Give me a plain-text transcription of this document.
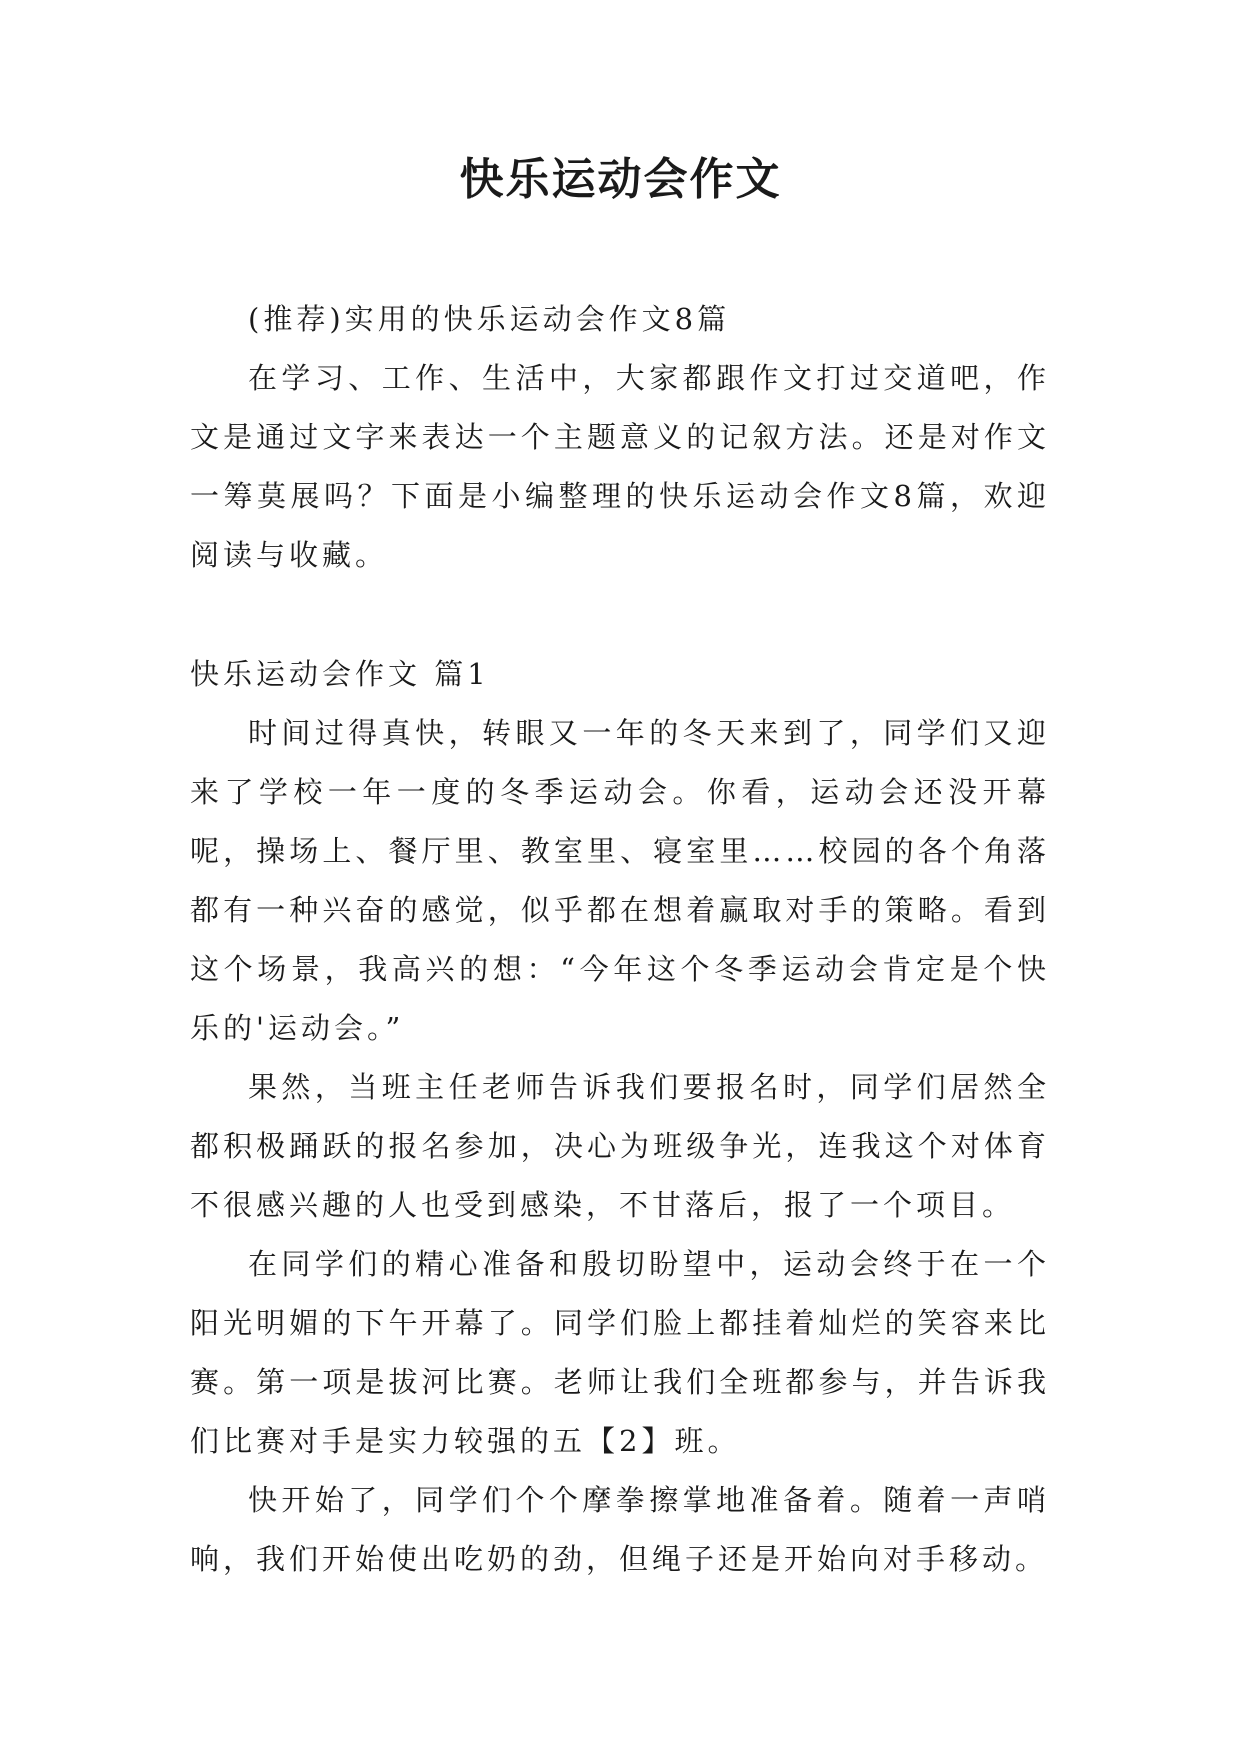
快乐运动会作文

(推荐)实用的快乐运动会作文8篇

在学习、工作、生活中，大家都跟作文打过交道吧，作文是通过文字来表达一个主题意义的记叙方法。还是对作文一筹莫展吗？下面是小编整理的快乐运动会作文8篇，欢迎阅读与收藏。

快乐运动会作文 篇1

时间过得真快，转眼又一年的冬天来到了，同学们又迎来了学校一年一度的冬季运动会。你看，运动会还没开幕呢，操场上、餐厅里、教室里、寝室里……校园的各个角落都有一种兴奋的感觉，似乎都在想着赢取对手的策略。看到这个场景，我高兴的想：“今年这个冬季运动会肯定是个快乐的'运动会。”

果然，当班主任老师告诉我们要报名时，同学们居然全都积极踊跃的报名参加，决心为班级争光，连我这个对体育不很感兴趣的人也受到感染，不甘落后，报了一个项目。

在同学们的精心准备和殷切盼望中，运动会终于在一个阳光明媚的下午开幕了。同学们脸上都挂着灿烂的笑容来比赛。第一项是拔河比赛。老师让我们全班都参与，并告诉我们比赛对手是实力较强的五【2】班。

快开始了，同学们个个摩拳擦掌地准备着。随着一声哨响，我们开始使出吃奶的劲，但绳子还是开始向对手移动。
